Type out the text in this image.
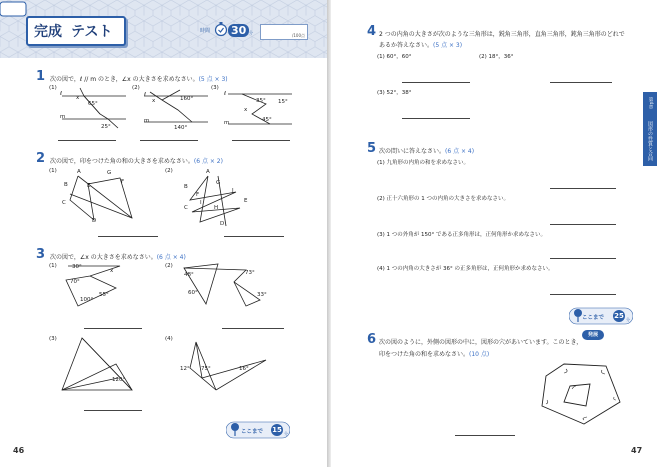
完成 テスト	時間 30 分
/100点
1 次の図で，ℓ // m のとき，∠x の大きさを求めなさい。(5 点 × 3)
(1)	(2)	(3)
ℓ
m
65°
25°
x	ℓ
m
160°
140°
x
ℓ
m
35° 15°
45°
x
2 次の図で，印をつけた角の和の大きさを求めなさい。(6 点 × 2)
(1)	(2)
A
B
C
D
E
F
G	A
B
C
D
E
F
G
H
I
J
3 次の図で，∠x の大きさを求めなさい。(6 点 × 4)
(1)	(2)
30°
70°
100°
55°
x
48°	73°
60°	33°
(3)	(4)
120°
12° 75°	16°
ここまで 15 分
46
第4章
図形の性質と合同
4 2 つの内角の大きさが次のような三角形は，鋭角三角形，直角三角形，鈍角三角形のどれで
あるか答えなさい。(5 点 × 3)
(1) 60°，60°	(2) 18°，36°
(3) 52°，38°
5 次の問いに答えなさい。(6 点 × 4)
(1) 九角形の内角の和を求めなさい。
(2) 正十六角形の 1 つの内角の大きさを求めなさい。
(3) 1 つの外角が 150° である正多角形は，正何角形か求めなさい。
(4) 1 つの内角の大きさが 36° の正多角形は，正何角形か求めなさい。
ここまで 25 分
6 次の図のように，外側の図形の中に，図形の穴があいています。このとき，
印をつけた角の和を求めなさい。(10 点)
発展
47
